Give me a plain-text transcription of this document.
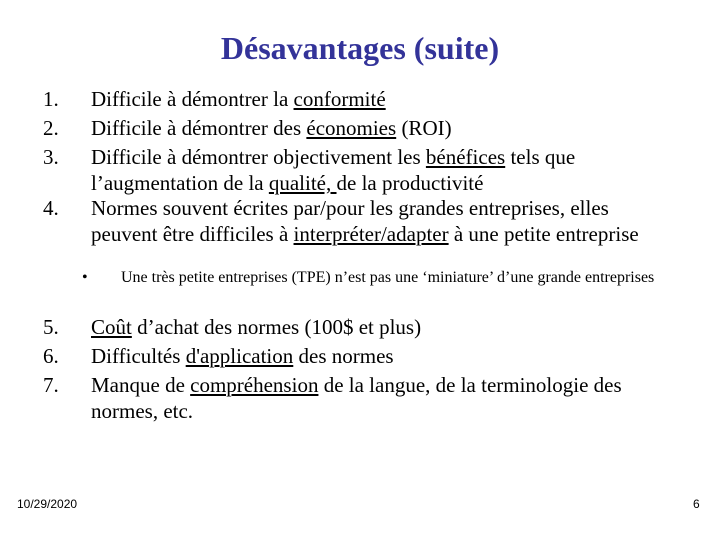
Désavantages (suite)
1. Difficile à démontrer la conformité
2. Difficile à démontrer des économies (ROI)
3. Difficile à démontrer objectivement les bénéfices tels que l’augmentation de la qualité, de la productivité
4. Normes souvent écrites par/pour les grandes entreprises, elles peuvent être difficiles à interpréter/adapter à une petite entreprise
• Une très petite entreprises (TPE) n’est pas une ‘miniature’ d’une grande entreprises
5. Coût d’achat des normes (100$ et plus)
6. Difficultés d'application des normes
7. Manque de compréhension de la langue, de la terminologie des normes, etc.
10/29/2020	6
